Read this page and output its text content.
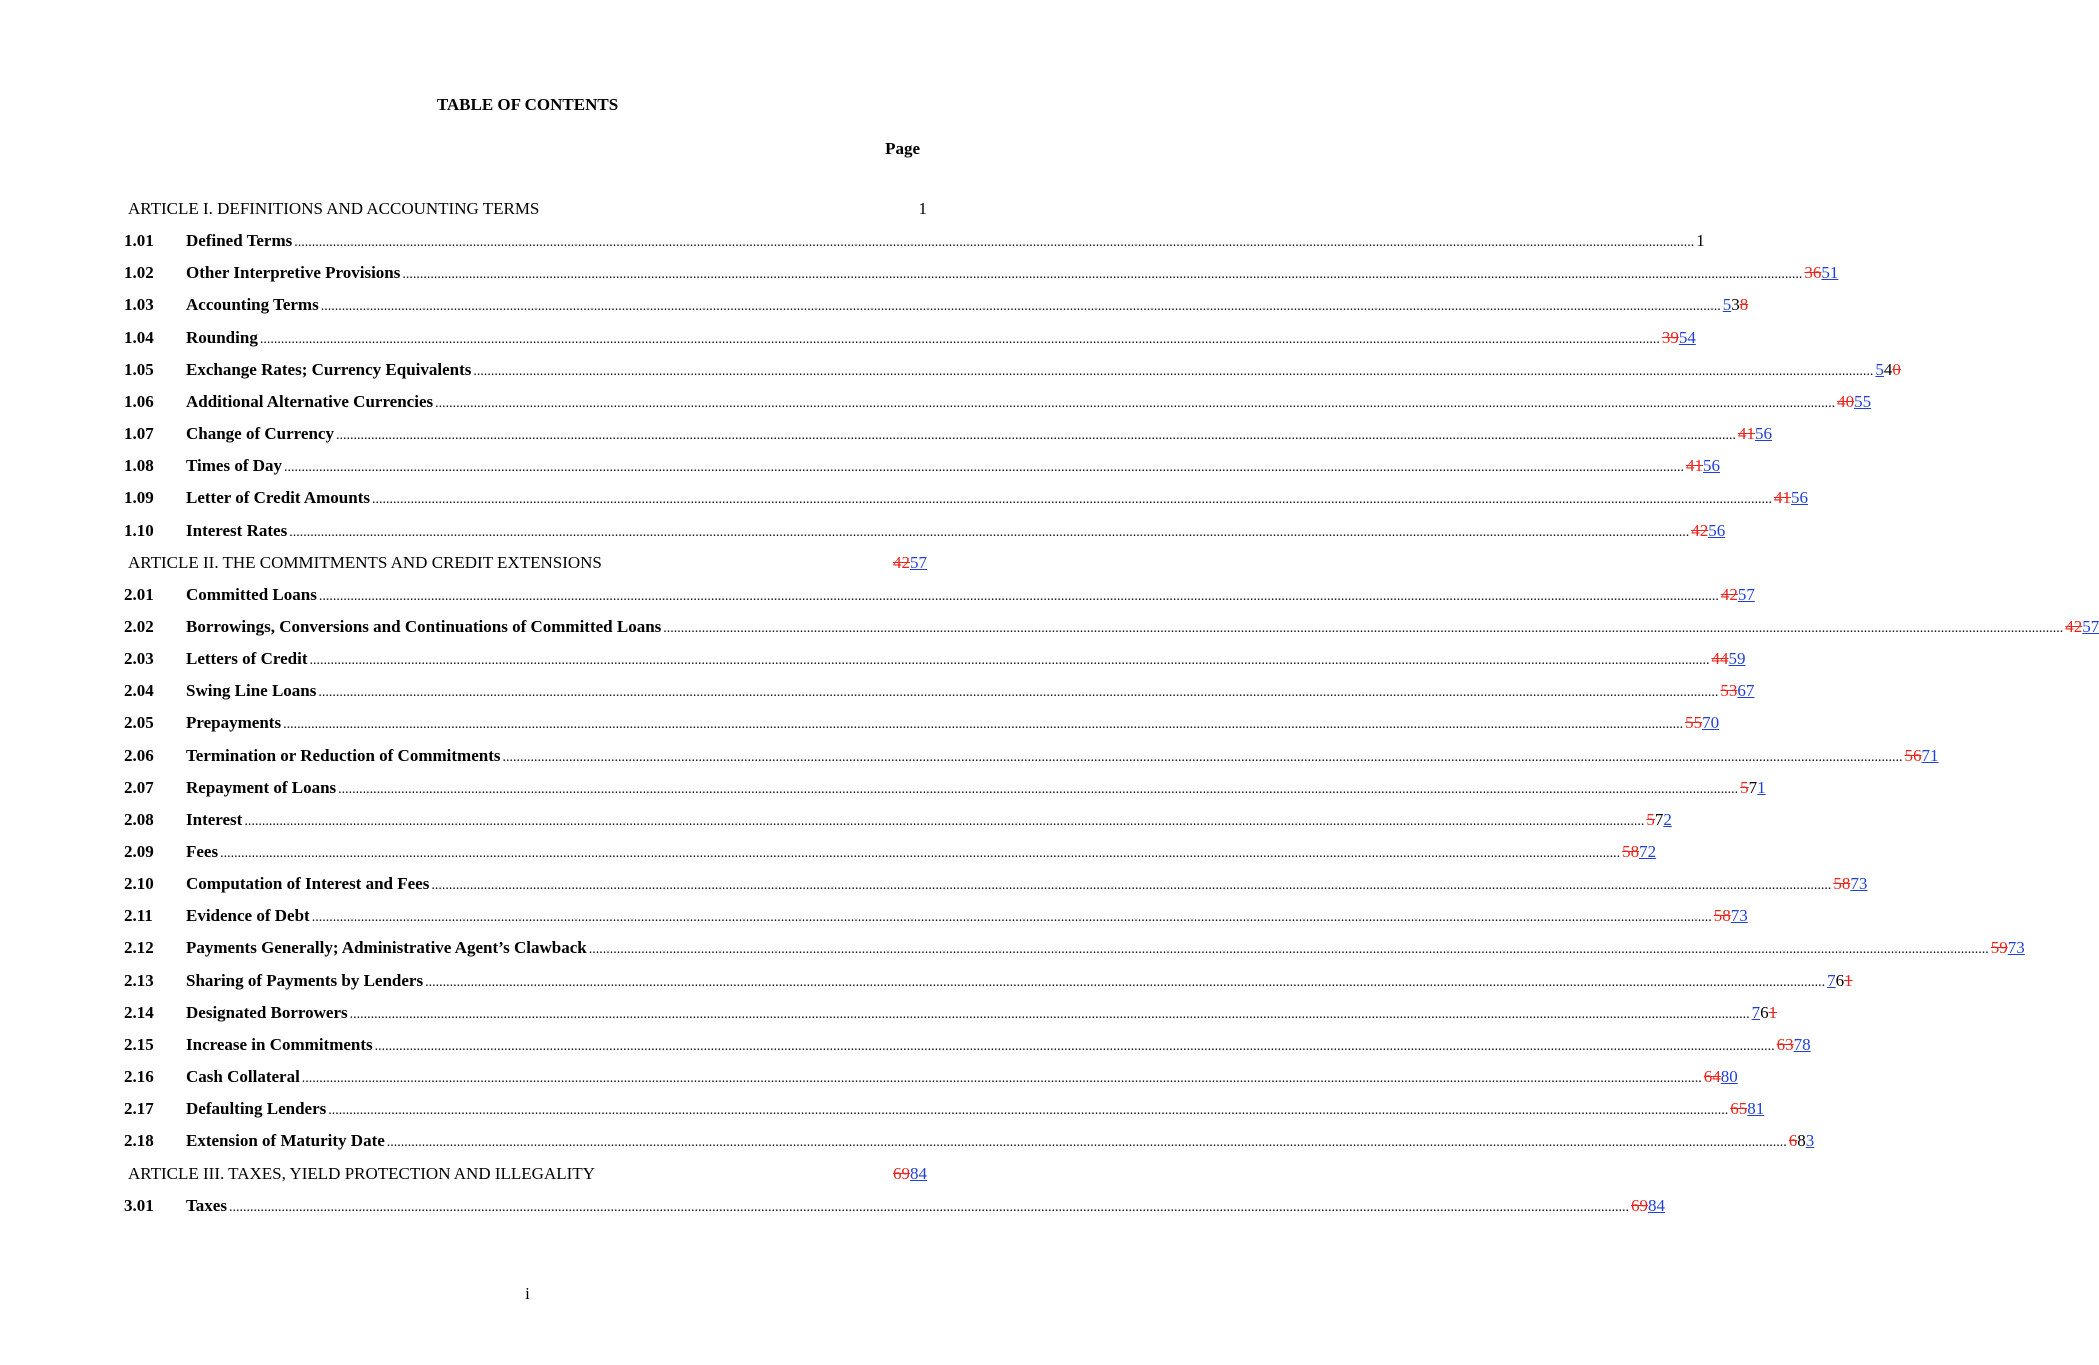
TABLE OF CONTENTS
Page
ARTICLE I. DEFINITIONS AND ACCOUNTING TERMS	1
1.01 Defined Terms ................................................................................................................................................................................................................................................................................................................................................................................................................ 1
1.02 Other Interpretive Provisions ................................................................................................................................................................................................................................................................................................................................................................................................................ 3651
1.03 Accounting Terms ................................................................................................................................................................................................................................................................................................................................................................................................................ 538
1.04 Rounding ................................................................................................................................................................................................................................................................................................................................................................................................................ 3954
1.05 Exchange Rates; Currency Equivalents ................................................................................................................................................................................................................................................................................................................................................................................................................ 540
1.06 Additional Alternative Currencies ................................................................................................................................................................................................................................................................................................................................................................................................................ 4055
1.07 Change of Currency ................................................................................................................................................................................................................................................................................................................................................................................................................ 4156
1.08 Times of Day ................................................................................................................................................................................................................................................................................................................................................................................................................ 4156
1.09 Letter of Credit Amounts ................................................................................................................................................................................................................................................................................................................................................................................................................ 4156
1.10 Interest Rates ................................................................................................................................................................................................................................................................................................................................................................................................................ 4256
ARTICLE II. THE COMMITMENTS AND CREDIT EXTENSIONS	4257
2.01 Committed Loans ................................................................................................................................................................................................................................................................................................................................................................................................................ 4257
2.02 Borrowings, Conversions and Continuations of Committed Loans ................................................................................................................................................................................................................................................................................................................................................................................................................ 4257
2.03 Letters of Credit ................................................................................................................................................................................................................................................................................................................................................................................................................ 4459
2.04 Swing Line Loans ................................................................................................................................................................................................................................................................................................................................................................................................................ 5367
2.05 Prepayments ................................................................................................................................................................................................................................................................................................................................................................................................................ 5570
2.06 Termination or Reduction of Commitments ................................................................................................................................................................................................................................................................................................................................................................................................................ 5671
2.07 Repayment of Loans ................................................................................................................................................................................................................................................................................................................................................................................................................ 571
2.08 Interest ................................................................................................................................................................................................................................................................................................................................................................................................................ 572
2.09 Fees ................................................................................................................................................................................................................................................................................................................................................................................................................ 5872
2.10 Computation of Interest and Fees ................................................................................................................................................................................................................................................................................................................................................................................................................ 5873
2.11 Evidence of Debt ................................................................................................................................................................................................................................................................................................................................................................................................................ 5873
2.12 Payments Generally; Administrative Agent’s Clawback ................................................................................................................................................................................................................................................................................................................................................................................................................ 5973
2.13 Sharing of Payments by Lenders ................................................................................................................................................................................................................................................................................................................................................................................................................ 761
2.14 Designated Borrowers ................................................................................................................................................................................................................................................................................................................................................................................................................ 761
2.15 Increase in Commitments ................................................................................................................................................................................................................................................................................................................................................................................................................ 6378
2.16 Cash Collateral ................................................................................................................................................................................................................................................................................................................................................................................................................ 6480
2.17 Defaulting Lenders ................................................................................................................................................................................................................................................................................................................................................................................................................ 6581
2.18 Extension of Maturity Date ................................................................................................................................................................................................................................................................................................................................................................................................................ 683
ARTICLE III. TAXES, YIELD PROTECTION AND ILLEGALITY	6984
3.01 Taxes ................................................................................................................................................................................................................................................................................................................................................................................................................ 6984
i
